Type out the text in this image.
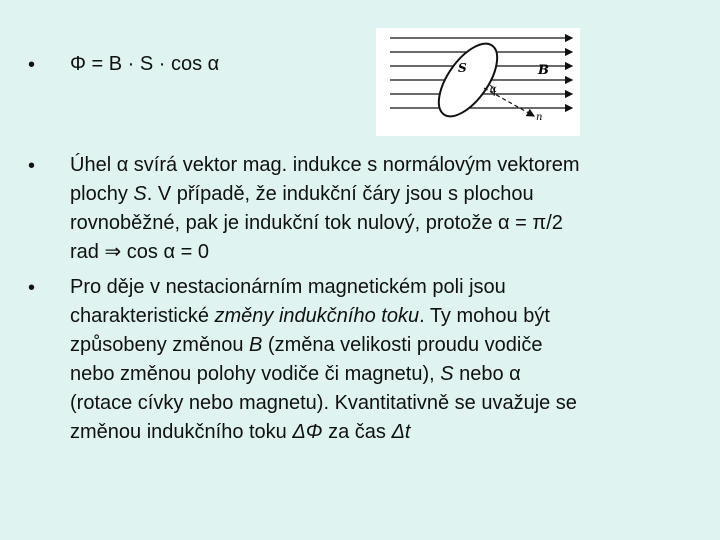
• Φ = B · S · cos α	S	B
α
n
• Úhel α svírá vektor mag. indukce s normálovým vektorem
plochy S. V případě, že indukční čáry jsou s plochou
rovnoběžné, pak je indukční tok nulový, protože α = π/2
rad ⇒ cos α = 0
• Pro děje v nestacionárním magnetickém poli jsou
charakteristické změny indukčního toku. Ty mohou být
způsobeny změnou B (změna velikosti proudu vodiče
nebo změnou polohy vodiče či magnetu), S nebo α
(rotace cívky nebo magnetu). Kvantitativně se uvažuje se
změnou indukčního toku ΔΦ za čas Δt
